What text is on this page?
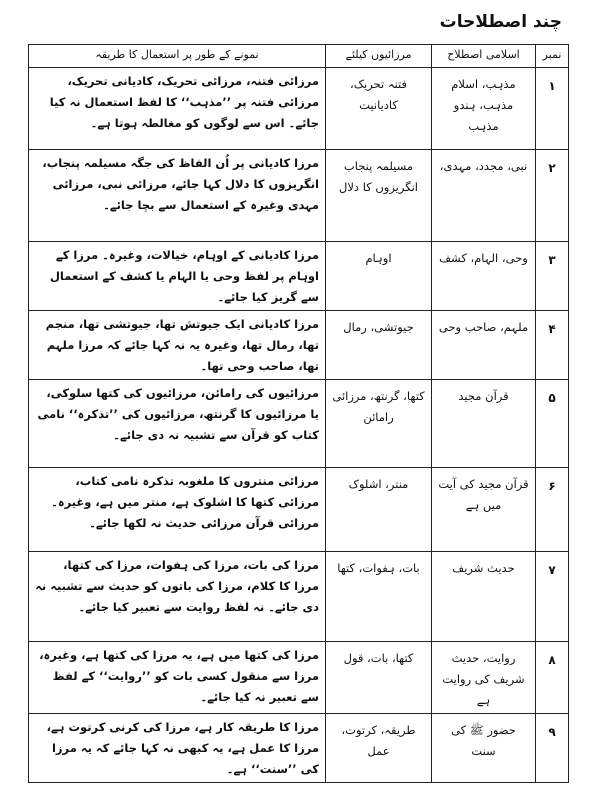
چند اصطلاحات
نمبر	اسلامی اصطلاح	مرزائیوں کیلئے	نمونے کے طور پر استعمال کا طریقہ
۱	مذہب، اسلام مذہب، ہندو مذہب	فتنہ تحریک، کادیانیت	مرزائی فتنہ، مرزائی تحریک، کادیانی تحریک، مرزائی فتنہ پر ’’مذہب‘‘ کا لفظ استعمال نہ کیا جائے۔ اس سے لوگوں کو مغالطہ ہوتا ہے۔
۲	نبی، مجدد، مہدی،	مسیلمہ پنجاب انگریزوں کا دلال	مرزا کادیانی پر اُن الفاظ کی جگہ مسیلمہ پنجاب، انگریزوں کا دلال کہا جائے، مرزائی نبی، مرزائی مہدی وغیرہ کے استعمال سے بچا جائے۔
۳	وحی، الہام، کشف	اوہام	مرزا کادیانی کے اوہام، خیالات، وغیرہ۔ مرزا کے اوہام پر لفظ وحی یا الہام یا کشف کے استعمال سے گریز کیا جائے۔
۴	ملہم، صاحب وحی	جیوتشی، رمال	مرزا کادیانی ایک جیوتش تھا، جیوتشی تھا، منجم تھا، رمال تھا، وغیرہ یہ نہ کہا جائے کہ مرزا ملہم تھا، صاحب وحی تھا۔
۵	قرآن مجید	کتھا، گرنتھ، مرزائی رامائن	مرزائیوں کی رامائن، مرزائیوں کی کتھا سلوکی، یا مرزائیوں کا گرنتھ، مرزائیوں کی ’’تذکرہ‘‘ نامی کتاب کو قرآن سے تشبیہ نہ دی جائے۔
۶	قرآن مجید کی آیت میں ہے	منتر، اشلوک	مرزائی منتروں کا ملغوبہ تذکرہ نامی کتاب، مرزائی کتھا کا اشلوک ہے، منتر میں ہے، وغیرہ۔ مرزائی قرآن مرزائی حدیث نہ لکھا جائے۔
۷	حدیث شریف	بات، ہفوات، کتھا	مرزا کی بات، مرزا کی ہفوات، مرزا کی کتھا، مرزا کا کلام، مرزا کی باتوں کو حدیث سے تشبیہ نہ دی جائے۔ نہ لفظ روایت سے تعبیر کیا جائے۔
۸	روایت، حدیث شریف کی روایت ہے	کتھا، بات، قول	مرزا کی کتھا میں ہے، یہ مرزا کی کتھا ہے، وغیرہ، مرزا سے منقول کسی بات کو ’’روایت‘‘ کے لفظ سے تعبیر نہ کیا جائے۔
۹	حضور ﷺ کی سنت	طریقہ، کرتوت، عمل	مرزا کا طریقہ کار ہے، مرزا کی کرنی کرتوت ہے، مرزا کا عمل ہے، یہ کبھی نہ کہا جائے کہ یہ مرزا کی ’’سنت‘‘ ہے۔
